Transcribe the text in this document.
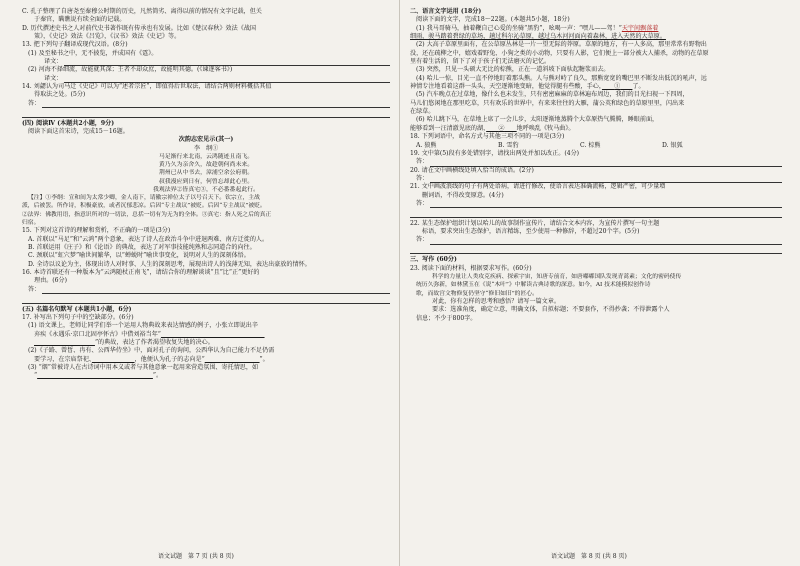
C. 孔子整理了自唐尧至秦穆公时期的历史，凡然简劣、离得以前的情况有文字记载，但关

于秦官，瞒瞧说有续全面的记载。

D. 历代撰述史书之人对前代史书著作既有传承也有发展。比如《楚汉春秋》效法《战国

策》，《史记》效法《吕览》，《汉书》效法《史记》等。

13. 把下列句子翻译成现代汉语。(8分)

(1) 及至秘书之中，无不披览，并成国有《霆》。

译文：

(2) 河海不择细流，故能就其深；王者不却众庶，故能明其德。(《谏逐客书》)

译文：

14. 刘勰认为司马迁《史记》可以为“述者宗匠”，即值得后世取法，请结合两则材料概括其值

得取法之处。(5分)

答：

(四) 阅读Ⅳ (本题共2小题，9分)

阅读下面这首宋诗，完成15－16题。

次韵志宏见示(其一)

李　纲①

马足渐行来北南，云鸿随迹且南飞。

黄乃久为亲舍久，故趁朝何尚未来。

荆州已从中书去，漳浦空余公府朝。

叔我漫应到日有，何曾忘却此心里。

我观法界②皆真宅③，不必番番起此行。

【注】①李纲：宣和间为太常少卿，金人南下，请徽宗禅位太子以号召天下。钦宗立，主战

派，后被罢。所作诗，积极豪放，或者沉郁悲凉。后因“专主战议”被贬。后因“专主战议”被贬。

②法界：佛教用语，指意识所对的一切法，总括一切有为无为的全体。③真宅：指人死之后的真正

归宿。

15. 下列对这首诗的理解和赏析，不正确的一项是(3分)

A. 首联以“马足”和“云鸿”两个意象，表达了诗人在政治斗争中进退两难、南方迁徙的人。

B. 首联运用《庄子》和《论语》的典故，表达了对军事技能纯熟和志同道合的向往。

C. 颈联以“虹穴梦”喻世间繁华，以“蝉蜕时”喻世事变化，说明对人生的深刻体悟。

D. 全诗以议论为主，体现出诗人对时事、人生的深刻思考，展现出诗人的浅薄无知，表达出豪放的情怀。

16. 本诗首联还有一种版本为“云鸿随杖正南飞”，请结合你的理解谈谈“且”比“正”更好的

理由。(6分)

答：

(五) 名篇名句默写 (本题共1小题，6分)

17. 补写出下列句子中的空缺部分。(6分)

(1) 语文课上，老师让同学们举一个运用人物典故来表达情感的例子，小张立即说出辛

弃疾《永遇乐·京口北固亭怀古》中借刘裕当年“　　　　　　　　　　　　　　　　　

　　　　　　　　　　”的典故，表达了作者渴望收复失地的决心。

(2)《子路、曾皙、冉有、公西华侍坐》中，面对孔子的询问，公西华认为自己能力不足仍需

要学习，在宗庙祭祀、　　　　　　　	，他便认为孔子的志向是“　　　　　　　　　	”。

(3) “烟”常被诗人在古诗词中用本义或者与其他意象一起用来营造氛围、寄托情思，如

“　　　　　　　　　　　　　　　　　　　	”。

二、语言文字运用 (18分)

阅读下面的文字，完成18～22题。(本题共5小题，18分)

(1) 我马哥骑马，抽着鞭自己心爱的坐骑“黑豹”，吆喝一声：“嘿儿——驾！”天宇间飘落着

细雨，骏马踏着碧绿的草场，趟过科尔沁草原，越过乌木河河面向着森林，进入天然的大草原。

(2) 大高子草原里面有，在公草原丛林是一片一望无际的莽原。草原的地方，有一人多高，那里常常有野物出

没，还在疏柳之中，嬉戏着野兔、小狗之类的小动物，只要有人影，它们便上一部分被大人捕杀，动物的在草原

里有着生活的，留下了对于孩子们无法磨灭的记忆。

(3) 突然，只见一头硕大无比的棕熊，正在一道斜坡下面驮起糖浆而去。

(4) 哈儿一惊，目光一直不停地盯着那头熊。人与熊对峙了良久，那熊宽宽的嘴巴里不断发出低沉的吼声，远

神情专注地看着这群一头头，天空逐渐地变暗，他觉得腿有些酸，手心，　　 ①　　 了。

(5) 汽车晚点在过草地，像什么也未发生，只有密密麻麻的草林遍布周边，我们的目光扫视一下四周，

马儿们悠闲地在那里吃草，只有欢乐的世界中，有来来往往的大雁，蒲公英和绿色的草原里里，闪出来

在绿草。

(6) 哈儿跳下马，在草地上席了一会儿步，太阳逐渐地蒸腾个大草原热气腾腾，睡眼前面，

能够看到一汪清澈见底的湖，　　 ②　　 地呼唤乱《牧马曲》。

18. 下列词语中，命名方式与其他三项不同的一项是(3分)

A. 狼熊	B. 雪豹	C. 棕熊	D. 银狐

19. 文中第(5)段有多处错别字，请找出两处并加以改正。(4分)

答：

20. 请在文中画横线处填入恰当的成语。(2分)

答：

21. 文中画波浪线的句子有两处语病，请进行修改，使语言表达准确流畅，逻辑严密，可少量增

删词语，不得改变原意。(4分)

答：

22. 某生态保护组织计划以哈儿的故事制作宣传片，请结合文本内容，为宣传片撰写一句主题

标语，要求突出生态保护，语言精练，至少使用一种修辞，不超过20个字。(5分)

答：

三、写作 (60分)

23. 阅读下面的材料，根据要求写作。(60分)

科学的力量让人类攻克疾病、探索宇宙，知唐专前育，如唐嘟嘟国队发现青蒿素；文化的密码使传

统历久弥新，如林黛玉在《说“木叶”》中解读古典诗歌的深意。如今，AI 技术能模拟创作诗

歌，而故宫文物修复仍坚守“修旧如旧”的匠心。

对此，你有怎样的思考和感悟？请写一篇文章。

要求：选准角度，确定立意，明确文体，自拟标题；不要套作，不得抄袭；不得泄露个人

信息；不少于800字。

语文试题 第 7 页 (共 8 页)	语文试题 第 8 页 (共 8 页)
